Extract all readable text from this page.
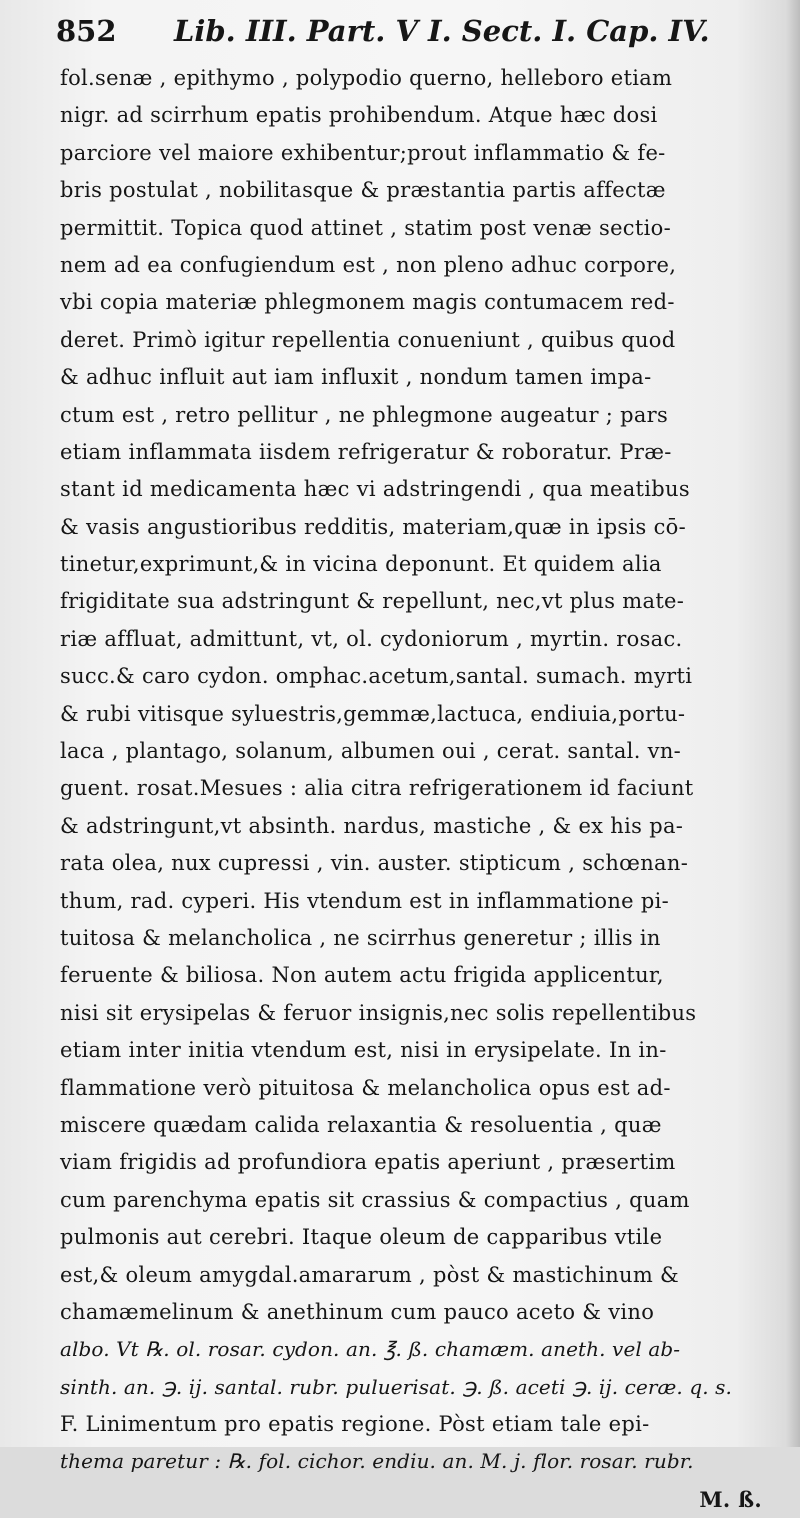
852 Lib. III. Part. V I. Sect. I. Cap. IV.
fol.senæ , epithymo , polypodio querno, helleboro etiam
nigr. ad scirrhum epatis prohibendum. Atque hæc dosi
parciore vel maiore exhibentur;prout inflammatio & fe-
bris postulat , nobilitasque & præstantia partis affectæ
permittit. Topica quod attinet , statim post venæ sectio-
nem ad ea confugiendum est , non pleno adhuc corpore,
vbi copia materiæ phlegmonem magis contumacem red-
deret. Primò igitur repellentia conueniunt , quibus quod
& adhuc influit aut iam influxit , nondum tamen impa-
ctum est , retro pellitur , ne phlegmone augeatur ; pars
etiam inflammata iisdem refrigeratur & roboratur. Præ-
stant id medicamenta hæc vi adstringendi , qua meatibus
& vasis angustioribus redditis, materiam,quæ in ipsis cō-
tinetur,exprimunt,& in vicina deponunt. Et quidem alia
frigiditate sua adstringunt & repellunt, nec,vt plus mate-
riæ affluat, admittunt, vt, ol. cydoniorum , myrtin. rosac.
succ.& caro cydon. omphac.acetum,santal. sumach. myrti
& rubi vitisque syluestris,gemmæ,lactuca, endiuia,portu-
laca , plantago, solanum, albumen oui , cerat. santal. vn-
guent. rosat.Mesues : alia citra refrigerationem id faciunt
& adstringunt,vt absinth. nardus, mastiche , & ex his pa-
rata olea, nux cupressi , vin. auster. stipticum , schœnan-
thum, rad. cyperi. His vtendum est in inflammatione pi-
tuitosa & melancholica , ne scirrhus generetur ; illis in
feruente & biliosa. Non autem actu frigida applicentur,
nisi sit erysipelas & feruor insignis,nec solis repellentibus
etiam inter initia vtendum est, nisi in erysipelate. In in-
flammatione verò pituitosa & melancholica opus est ad-
miscere quædam calida relaxantia & resoluentia , quæ
viam frigidis ad profundiora epatis aperiunt , præsertim
cum parenchyma epatis sit crassius & compactius , quam
pulmonis aut cerebri. Itaque oleum de capparibus vtile
est,& oleum amygdal.amararum , pòst & mastichinum &
chamæmelinum & anethinum cum pauco aceto & vino
albo. Vt ℞. ol. rosar. cydon. an. ℥. ß. chamæm. aneth. vel ab-
sinth. an. ℈. ij. santal. rubr. puluerisat. ℈. ß. aceti ℈. ij. ceræ. q. s.
F. Linimentum pro epatis regione. Pòst etiam tale epi-
thema paretur : ℞. fol. cichor. endiu. an. M. j. flor. rosar. rubr.
M. ß.
